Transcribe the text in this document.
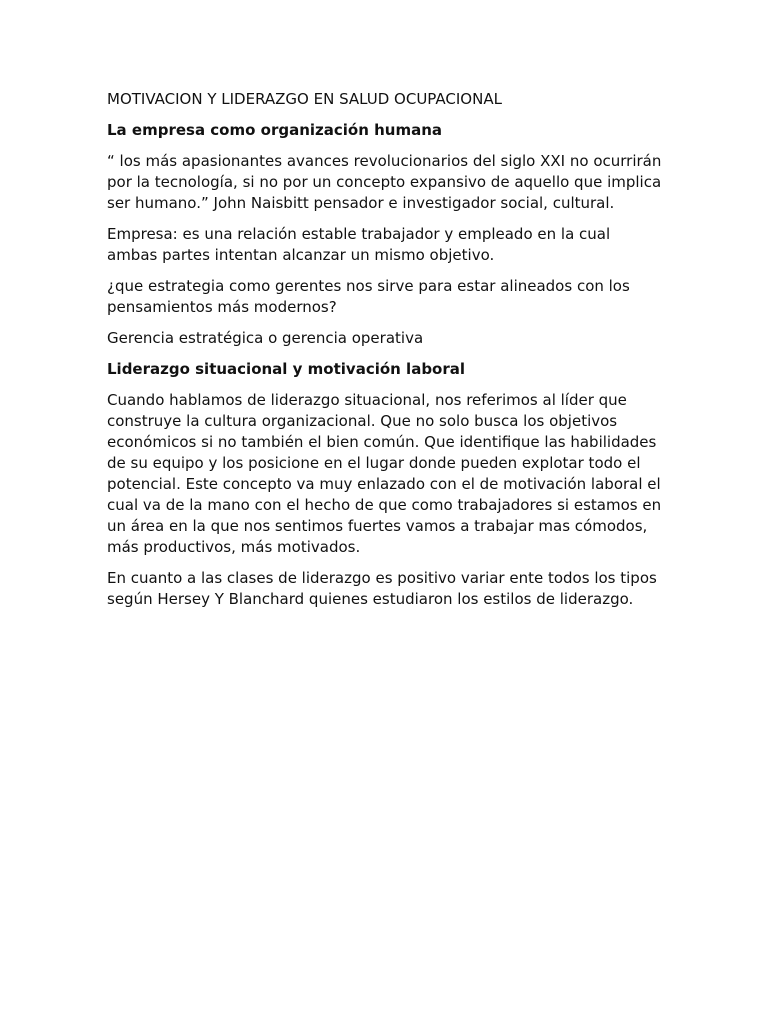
MOTIVACION Y LIDERAZGO EN SALUD OCUPACIONAL

La empresa como organización humana

“ los más apasionantes avances revolucionarios del siglo XXI no ocurrirán por la tecnología, si no por un concepto expansivo de aquello que implica ser humano.” John Naisbitt pensador e investigador social, cultural.

Empresa: es una relación estable trabajador y empleado en la cual ambas partes intentan alcanzar un mismo objetivo.

¿que estrategia como gerentes nos sirve para estar alineados con los pensamientos más modernos?

Gerencia estratégica o gerencia operativa

Liderazgo situacional y motivación laboral

Cuando hablamos de liderazgo situacional, nos referimos al líder que construye la cultura organizacional. Que no solo busca los objetivos económicos si no también el bien común. Que identifique las habilidades de su equipo y los posicione en el lugar donde pueden explotar todo el potencial. Este concepto va muy enlazado con el de motivación laboral el cual va de la mano con el hecho de que como trabajadores si estamos en un área en la que nos sentimos fuertes vamos a trabajar mas cómodos, más productivos, más motivados.

En cuanto a las clases de liderazgo es positivo variar ente todos los tipos según Hersey Y Blanchard quienes estudiaron los estilos de liderazgo.
